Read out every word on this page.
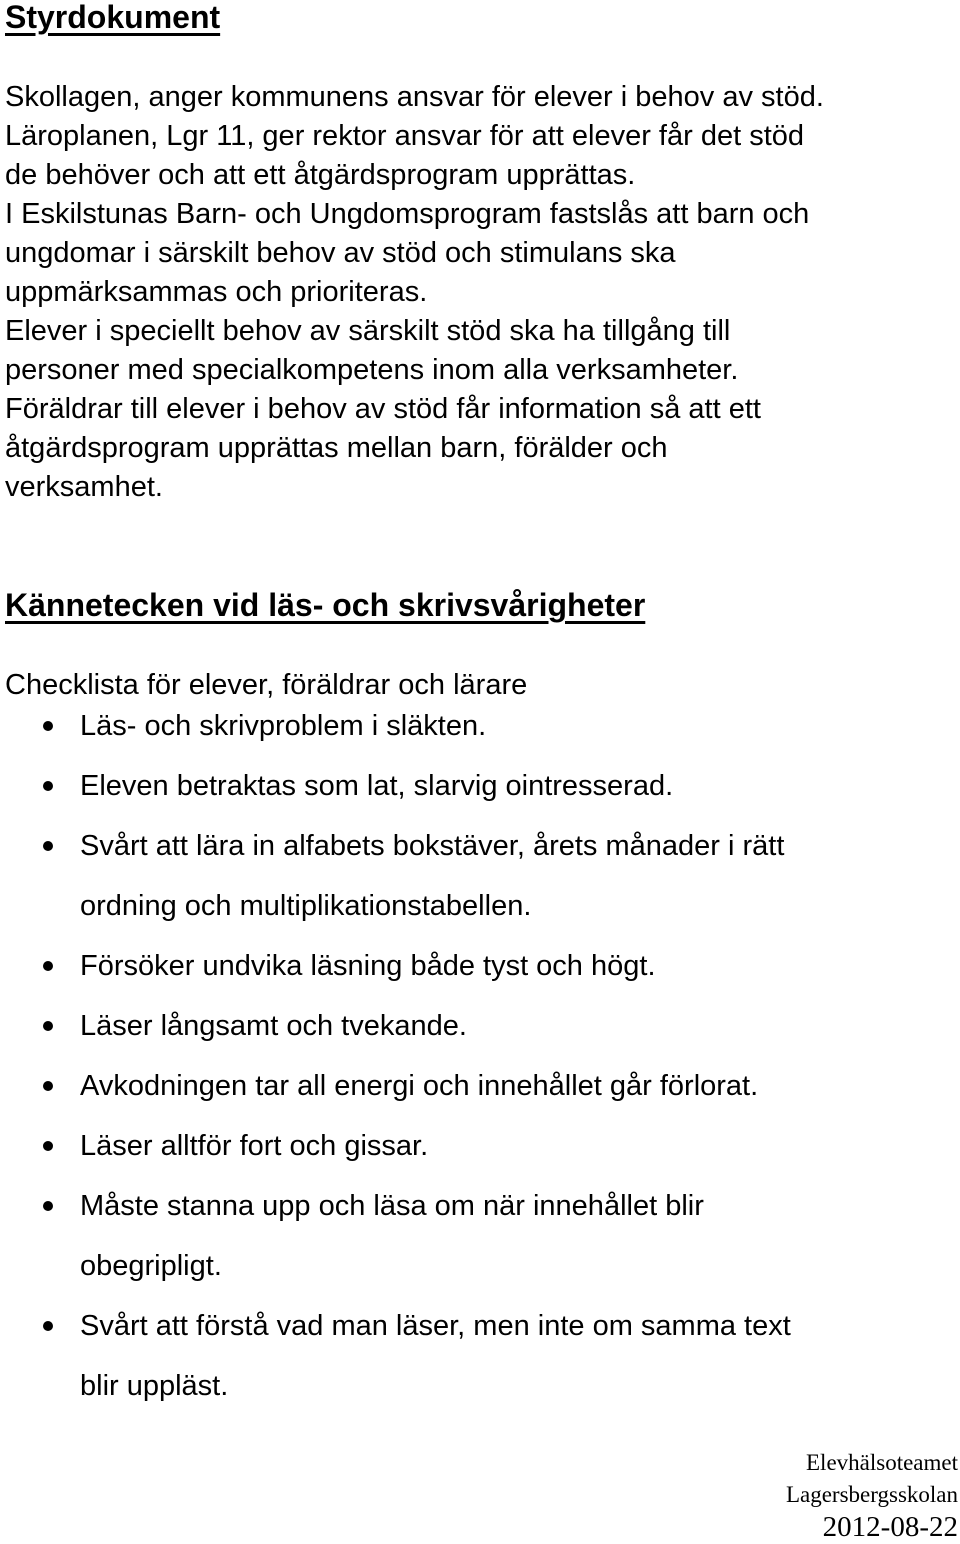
Styrdokument
Skollagen, anger kommunens ansvar för elever i behov av stöd.
Läroplanen, Lgr 11, ger rektor ansvar för att elever får det stöd
de behöver och att ett åtgärdsprogram upprättas.
I Eskilstunas Barn- och Ungdomsprogram fastslås att barn och
ungdomar i särskilt behov av stöd och stimulans ska
uppmärksammas och prioriteras.
Elever i speciellt behov av särskilt stöd ska ha tillgång till
personer med specialkompetens inom alla verksamheter.
Föräldrar till elever i behov av stöd får information så att ett
åtgärdsprogram upprättas mellan barn, förälder och
verksamhet.
Kännetecken vid läs- och skrivsvårigheter
Checklista för elever, föräldrar och lärare
Läs- och skrivproblem i släkten.
Eleven betraktas som lat, slarvig ointresserad.
Svårt att lära in alfabets bokstäver, årets månader i rätt
ordning och multiplikationstabellen.
Försöker undvika läsning både tyst och högt.
Läser långsamt och tvekande.
Avkodningen tar all energi och innehållet går förlorat.
Läser alltför fort och gissar.
Måste stanna upp och läsa om när innehållet blir
obegripligt.
Svårt att förstå vad man läser, men inte om samma text
blir uppläst.
Elevhälsoteamet
Lagersbergsskolan
2012-08-22
